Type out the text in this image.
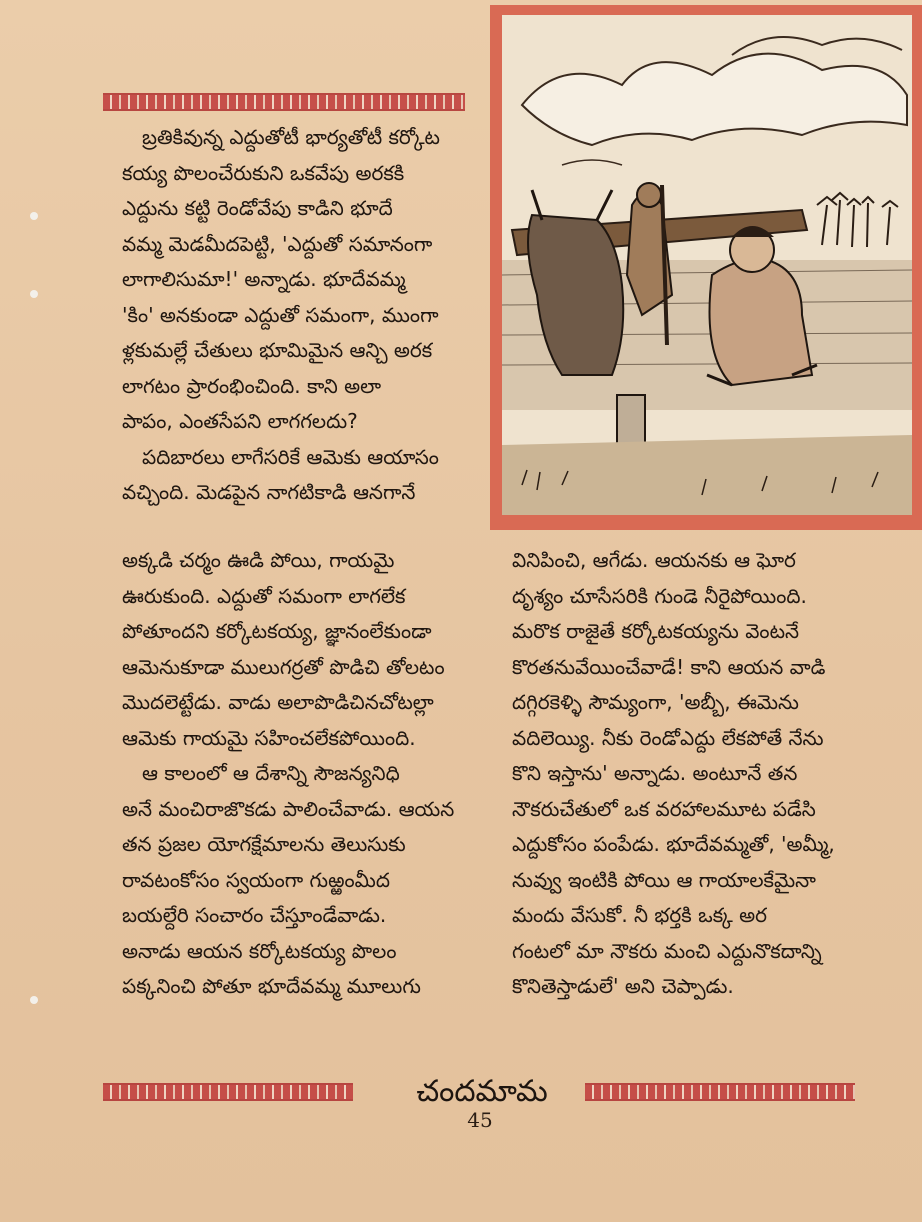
బ్రతికివున్న ఎద్దుతోటీ భార్యతోటీ కర్కోట
కయ్య పొలంచేరుకుని ఒకవేపు అరకకి
ఎద్దును కట్టి రెండోవేపు కాడిని భూదే
వమ్మ మెడమీదపెట్టి, 'ఎద్దుతో సమానంగా
లాగాలిసుమా!' అన్నాడు. భూదేవమ్మ
'కిం' అనకుండా ఎద్దుతో సమంగా, ముంగా
ళ్లకుమల్లే చేతులు భూమిమైన ఆన్చి అరక
లాగటం ప్రారంభించింది. కాని అలా
పాపం, ఎంతసేపని లాగగలదు?
పదిబారలు లాగేసరికే ఆమెకు ఆయాసం
వచ్చింది. మెడపైన నాగటికాడి ఆనగానే
అక్కడి చర్మం ఊడి పోయి, గాయమై
ఊరుకుంది. ఎద్దుతో సమంగా లాగలేక
పోతూందని కర్కోటకయ్య, జ్ఞానంలేకుండా
ఆమెనుకూడా ములుగర్రతో పొడిచి తోలటం
మొదలెట్టేడు. వాడు అలాపొడిచినచోటల్లా
ఆమెకు గాయమై సహించలేకపోయింది.
ఆ కాలంలో ఆ దేశాన్ని సౌజన్యనిధి
అనే మంచిరాజొకడు పాలించేవాడు. ఆయన
తన ప్రజల యోగక్షేమాలను తెలుసుకు
రావటంకోసం స్వయంగా గుఱ్ఱంమీద
బయల్దేరి సంచారం చేస్తూండేవాడు.
అనాడు ఆయన కర్కోటకయ్య పొలం
పక్కనించి పోతూ భూదేవమ్మ మూలుగు
వినిపించి, ఆగేడు. ఆయనకు ఆ ఘోర
దృశ్యం చూసేసరికి గుండె నీరైపోయింది.
మరొక రాజైతే కర్కోటకయ్యను వెంటనే
కొరతనువేయించేవాడే! కాని ఆయన వాడి
దగ్గిరకెళ్ళి సౌమ్యంగా, 'అబ్బీ, ఈమెను
వదిలెయ్యి. నీకు రెండోఎద్దు లేకపోతే నేను
కొని ఇస్తాను' అన్నాడు. అంటూనే తన
నౌకరుచేతులో ఒక వరహాలమూట పడేసి
ఎద్దుకోసం పంపేడు. భూదేవమ్మతో, 'అమ్మీ,
నువ్వు ఇంటికి పోయి ఆ గాయాలకేమైనా
మందు వేసుకో. నీ భర్తకి ఒక్క అర
గంటలో మా నౌకరు మంచి ఎద్దునొకదాన్ని
కొనితెస్తాడులే' అని చెప్పాడు.
చందమామ
45
